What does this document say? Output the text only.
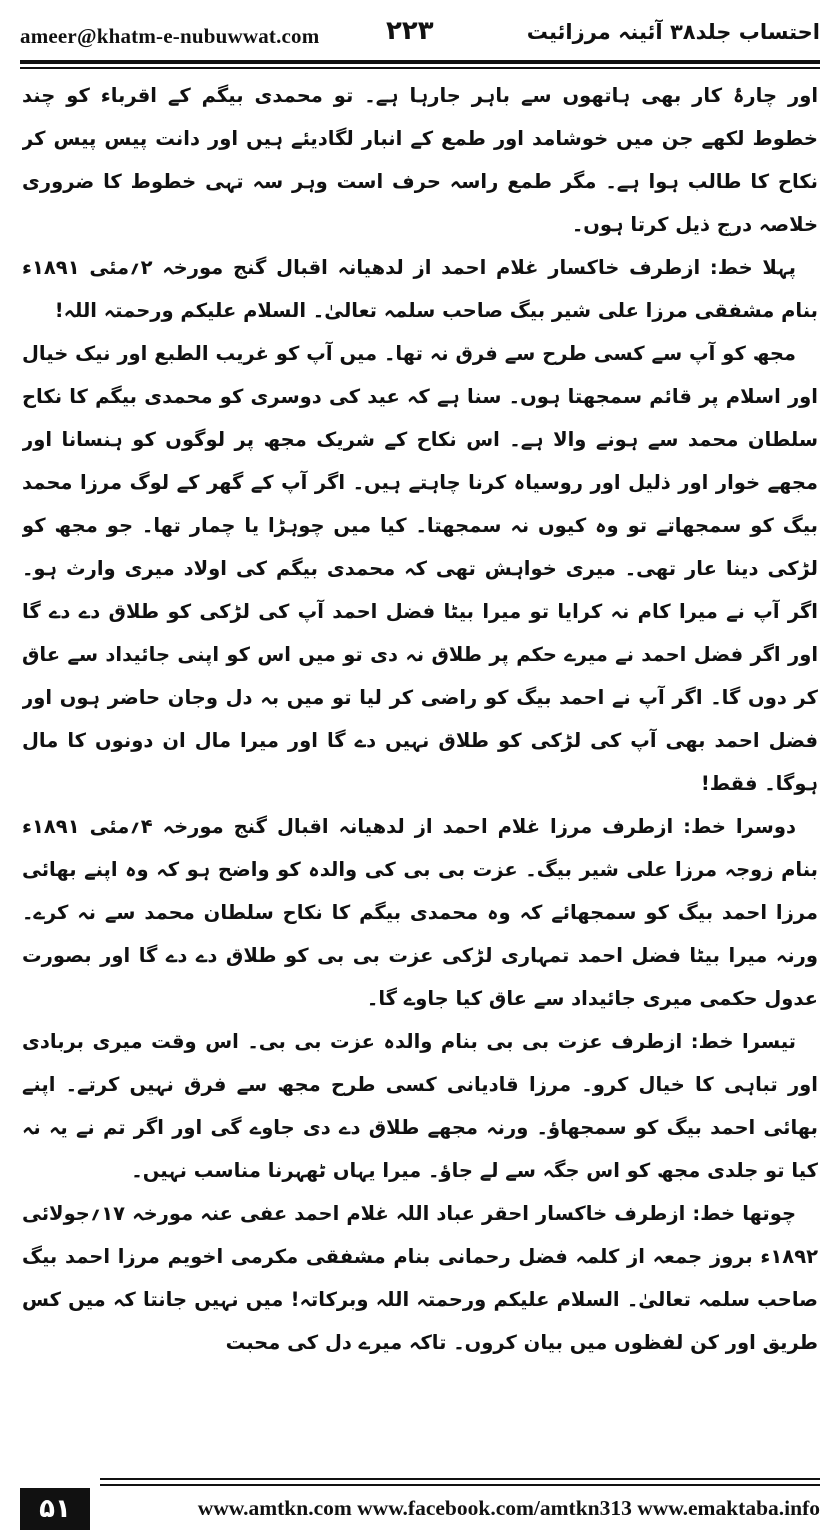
ameer@khatm-e-nubuwwat.com	۲۲۳	احتساب جلد۳۸ آئینہ مرزائیت

اور چارۂ کار بھی ہاتھوں سے باہر جارہا ہے۔ تو محمدی بیگم کے اقرباء کو چند خطوط لکھے جن میں خوشامد اور طمع کے انبار لگادیئے ہیں اور دانت پیس پیس کر نکاح کا طالب ہوا ہے۔ مگر طمع راسہ حرف است وہر سہ تہی خطوط کا ضروری خلاصہ درج ذیل کرتا ہوں۔

پہلا خط: ازطرف خاکسار غلام احمد از لدھیانہ اقبال گنج مورخہ ۲؍مئی ۱۸۹۱ء بنام مشفقی مرزا علی شیر بیگ صاحب سلمہ تعالیٰ۔ السلام علیکم ورحمتہ اللہ!

مجھ کو آپ سے کسی طرح سے فرق نہ تھا۔ میں آپ کو غریب الطبع اور نیک خیال اور اسلام پر قائم سمجھتا ہوں۔ سنا ہے کہ عید کی دوسری کو محمدی بیگم کا نکاح سلطان محمد سے ہونے والا ہے۔ اس نکاح کے شریک مجھ پر لوگوں کو ہنسانا اور مجھے خوار اور ذلیل اور روسیاہ کرنا چاہتے ہیں۔ اگر آپ کے گھر کے لوگ مرزا محمد بیگ کو سمجھاتے تو وہ کیوں نہ سمجھتا۔ کیا میں چوہڑا یا چمار تھا۔ جو مجھ کو لڑکی دینا عار تھی۔ میری خواہش تھی کہ محمدی بیگم کی اولاد میری وارث ہو۔ اگر آپ نے میرا کام نہ کرایا تو میرا بیٹا فضل احمد آپ کی لڑکی کو طلاق دے دے گا اور اگر فضل احمد نے میرے حکم پر طلاق نہ دی تو میں اس کو اپنی جائیداد سے عاق کر دوں گا۔ اگر آپ نے احمد بیگ کو راضی کر لیا تو میں بہ دل وجان حاضر ہوں اور فضل احمد بھی آپ کی لڑکی کو طلاق نہیں دے گا اور میرا مال ان دونوں کا مال ہوگا۔ فقط!

دوسرا خط: ازطرف مرزا غلام احمد از لدھیانہ اقبال گنج مورخہ ۴؍مئی ۱۸۹۱ء بنام زوجہ مرزا علی شیر بیگ۔ عزت بی بی کی والدہ کو واضح ہو کہ وہ اپنے بھائی مرزا احمد بیگ کو سمجھائے کہ وہ محمدی بیگم کا نکاح سلطان محمد سے نہ کرے۔ ورنہ میرا بیٹا فضل احمد تمہاری لڑکی عزت بی بی کو طلاق دے دے گا اور بصورت عدول حکمی میری جائیداد سے عاق کیا جاوے گا۔

تیسرا خط: ازطرف عزت بی بی بنام والدہ عزت بی بی۔ اس وقت میری بربادی اور تباہی کا خیال کرو۔ مرزا قادیانی کسی طرح مجھ سے فرق نہیں کرتے۔ اپنے بھائی احمد بیگ کو سمجھاؤ۔ ورنہ مجھے طلاق دے دی جاوے گی اور اگر تم نے یہ نہ کیا تو جلدی مجھ کو اس جگہ سے لے جاؤ۔ میرا یہاں ٹھہرنا مناسب نہیں۔

چوتھا خط: ازطرف خاکسار احقر عباد اللہ غلام احمد عفی عنہ مورخہ ۱۷؍جولائی ۱۸۹۲ء بروز جمعہ از کلمہ فضل رحمانی بنام مشفقی مکرمی اخویم مرزا احمد بیگ صاحب سلمہ تعالیٰ۔ السلام علیکم ورحمتہ اللہ وبرکاتہ! میں نہیں جانتا کہ میں کس طریق اور کن لفظوں میں بیان کروں۔ تاکہ میرے دل کی محبت

۵۱	www.amtkn.com www.facebook.com/amtkn313 www.emaktaba.info
